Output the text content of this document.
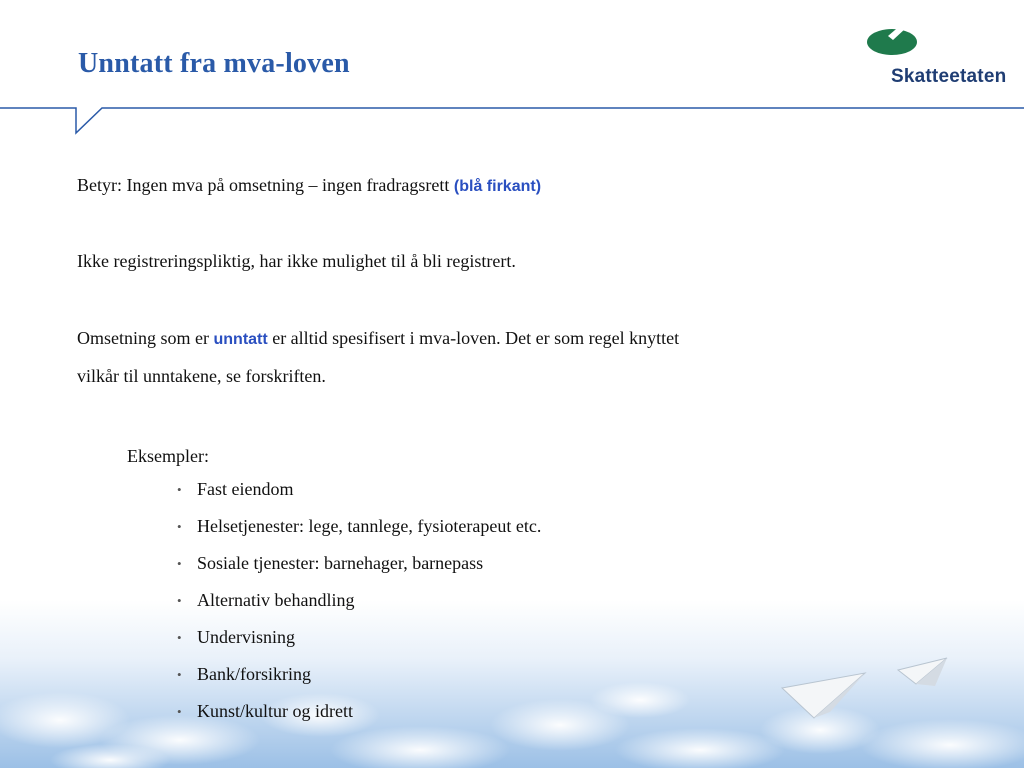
Unntatt fra mva-loven	Skatteetaten

Betyr: Ingen mva på omsetning – ingen fradragsrett (blå firkant)

Ikke registreringspliktig, har ikke mulighet til å bli registrert.

Omsetning som er unntatt er alltid spesifisert i mva-loven. Det er som regel knyttet
vilkår til unntakene, se forskriften.

Eksempler:

• Fast eiendom
• Helsetjenester: lege, tannlege, fysioterapeut etc.
• Sosiale tjenester: barnehager, barnepass
• Alternativ behandling
• Undervisning
• Bank/forsikring
• Kunst/kultur og idrett
